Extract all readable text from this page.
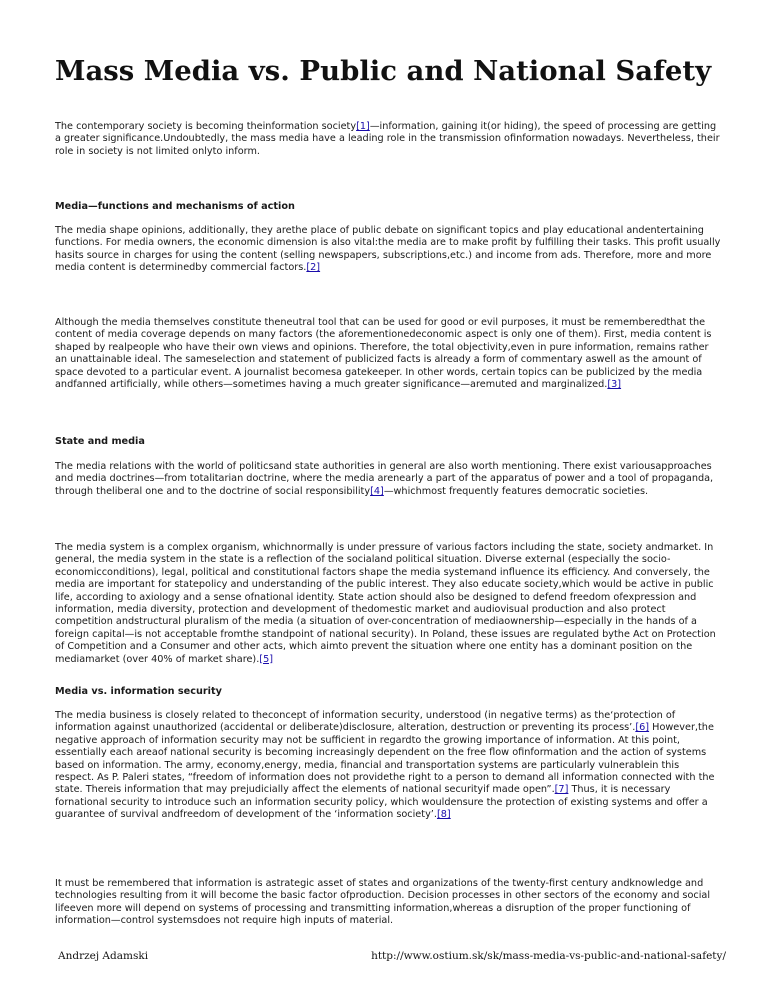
Mass Media vs. Public and National Safety

The contemporary society is becoming theinformation society[1]—information, gaining it(or hiding), the speed of processing are getting a greater significance.Undoubtedly, the mass media have a leading role in the transmission ofinformation nowadays. Nevertheless, their role in society is not limited onlyto inform.

Media—functions and mechanisms of action

The media shape opinions, additionally, they arethe place of public debate on significant topics and play educational andentertaining functions. For media owners, the economic dimension is also vital:the media are to make profit by fulfilling their tasks. This profit usually hasits source in charges for using the content (selling newspapers, subscriptions,etc.) and income from ads. Therefore, more and more media content is determinedby commercial factors.[2]

Although the media themselves constitute theneutral tool that can be used for good or evil purposes, it must be rememberedthat the content of media coverage depends on many factors (the aforementionedeconomic aspect is only one of them). First, media content is shaped by realpeople who have their own views and opinions. Therefore, the total objectivity,even in pure information, remains rather an unattainable ideal. The sameselection and statement of publicized facts is already a form of commentary aswell as the amount of space devoted to a particular event. A journalist becomesa gatekeeper. In other words, certain topics can be publicized by the media andfanned artificially, while others—sometimes having a much greater significance—aremuted and marginalized.[3]

State and media

The media relations with the world of politicsand state authorities in general are also worth mentioning. There exist variousapproaches and media doctrines—from totalitarian doctrine, where the media arenearly a part of the apparatus of power and a tool of propaganda, through theliberal one and to the doctrine of social responsibility[4]—whichmost frequently features democratic societies.

The media system is a complex organism, whichnormally is under pressure of various factors including the state, society andmarket. In general, the media system in the state is a reflection of the socialand political situation. Diverse external (especially the socio-economicconditions), legal, political and constitutional factors shape the media systemand influence its efficiency. And conversely, the media are important for statepolicy and understanding of the public interest. They also educate society,which would be active in public life, according to axiology and a sense ofnational identity. State action should also be designed to defend freedom ofexpression and information, media diversity, protection and development of thedomestic market and audiovisual production and also protect competition andstructural pluralism of the media (a situation of over-concentration of mediaownership—especially in the hands of a foreign capital—is not acceptable fromthe standpoint of national security). In Poland, these issues are regulated bythe Act on Protection of Competition and a Consumer and other acts, which aimto prevent the situation where one entity has a dominant position on the mediamarket (over 40% of market share).[5]

Media vs. information security

The media business is closely related to theconcept of information security, understood (in negative terms) as the‘protection of information against unauthorized (accidental or deliberate)disclosure, alteration, destruction or preventing its process’.[6] However,the negative approach of information security may not be sufficient in regardto the growing importance of information. At this point, essentially each areaof national security is becoming increasingly dependent on the free flow ofinformation and the action of systems based on information. The army, economy,energy, media, financial and transportation systems are particularly vulnerablein this respect. As P. Paleri states, “freedom of information does not providethe right to a person to demand all information connected with the state. Thereis information that may prejudicially affect the elements of national securityif made open”.[7] Thus, it is necessary fornational security to introduce such an information security policy, which wouldensure the protection of existing systems and offer a guarantee of survival andfreedom of development of the ‘information society’.[8]

It must be remembered that information is astrategic asset of states and organizations of the twenty-first century andknowledge and technologies resulting from it will become the basic factor ofproduction. Decision processes in other sectors of the economy and social lifeeven more will depend on systems of processing and transmitting information,whereas a disruption of the proper functioning of information—control systemsdoes not require high inputs of material.

Andrzej Adamski	http://www.ostium.sk/sk/mass-media-vs-public-and-national-safety/
